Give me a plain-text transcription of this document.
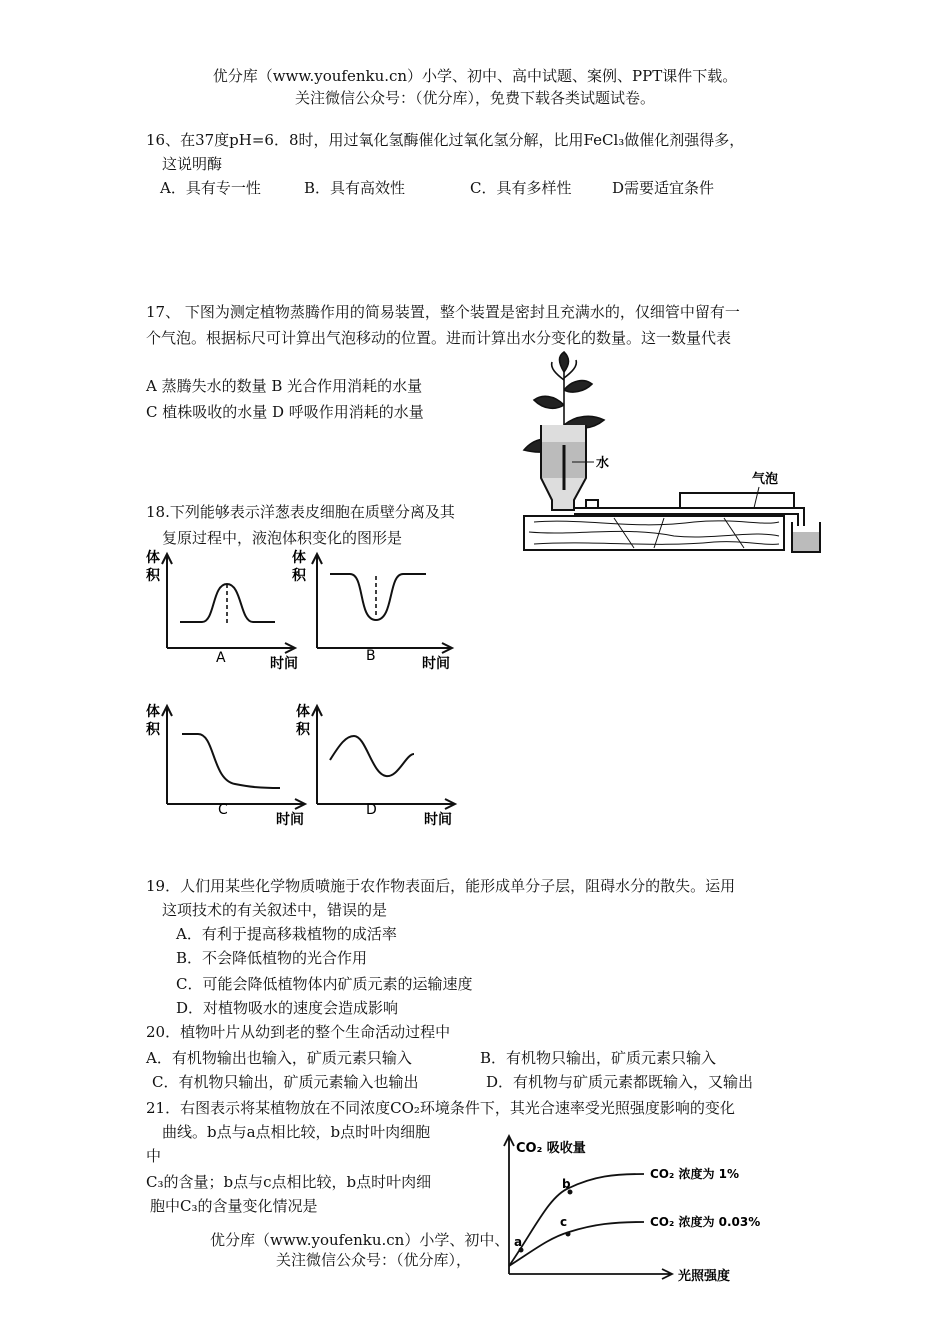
优分库（www.youfenku.cn）小学、初中、高中试题、案例、PPT课件下载。
关注微信公众号：（优分库），免费下载各类试题试卷。
16、在37度pH=6．8时，用过氧化氢酶催化过氧化氢分解，比用FeCl₃做催化剂强得多，
这说明酶
A．具有专一性	B．具有高效性	C．具有多样性	D需要适宜条件
17、 下图为测定植物蒸腾作用的简易装置，整个装置是密封且充满水的，仅细管中留有一
个气泡。根据标尺可计算出气泡移动的位置。进而计算出水分变化的数量。这一数量代表
A 蒸腾失水的数量 B 光合作用消耗的水量
C 植株吸收的水量 D 呼吸作用消耗的水量
水
气泡
18.下列能够表示洋葱表皮细胞在质壁分离及其
复原过程中，液泡体积变化的图形是
体
积
A	时间
体
积
B	时间
体
积
C
时间
体
积
D
时间
19．人们用某些化学物质喷施于农作物表面后，能形成单分子层，阻碍水分的散失。运用
这项技术的有关叙述中，错误的是
A．有利于提高移栽植物的成活率
B．不会降低植物的光合作用
C．可能会降低植物体内矿质元素的运输速度
D．对植物吸水的速度会造成影响
20．植物叶片从幼到老的整个生命活动过程中
A．有机物输出也输入，矿质元素只输入	B．有机物只输出，矿质元素只输入
C．有机物只输出，矿质元素输入也输出	D．有机物与矿质元素都既输入，又输出
21．右图表示将某植物放在不同浓度CO₂环境条件下，其光合速率受光照强度影响的变化
曲线。b点与a点相比较，b点时叶肉细胞
中
C₃的含量；b点与c点相比较，b点时叶肉细
胞中C₃的含量变化情况是
CO₂ 吸收量
光照强度
CO₂ 浓度为 1%
CO₂ 浓度为 0.03%
a
b
c
优分库（www.youfenku.cn）小学、初中、
关注微信公众号：（优分库），
